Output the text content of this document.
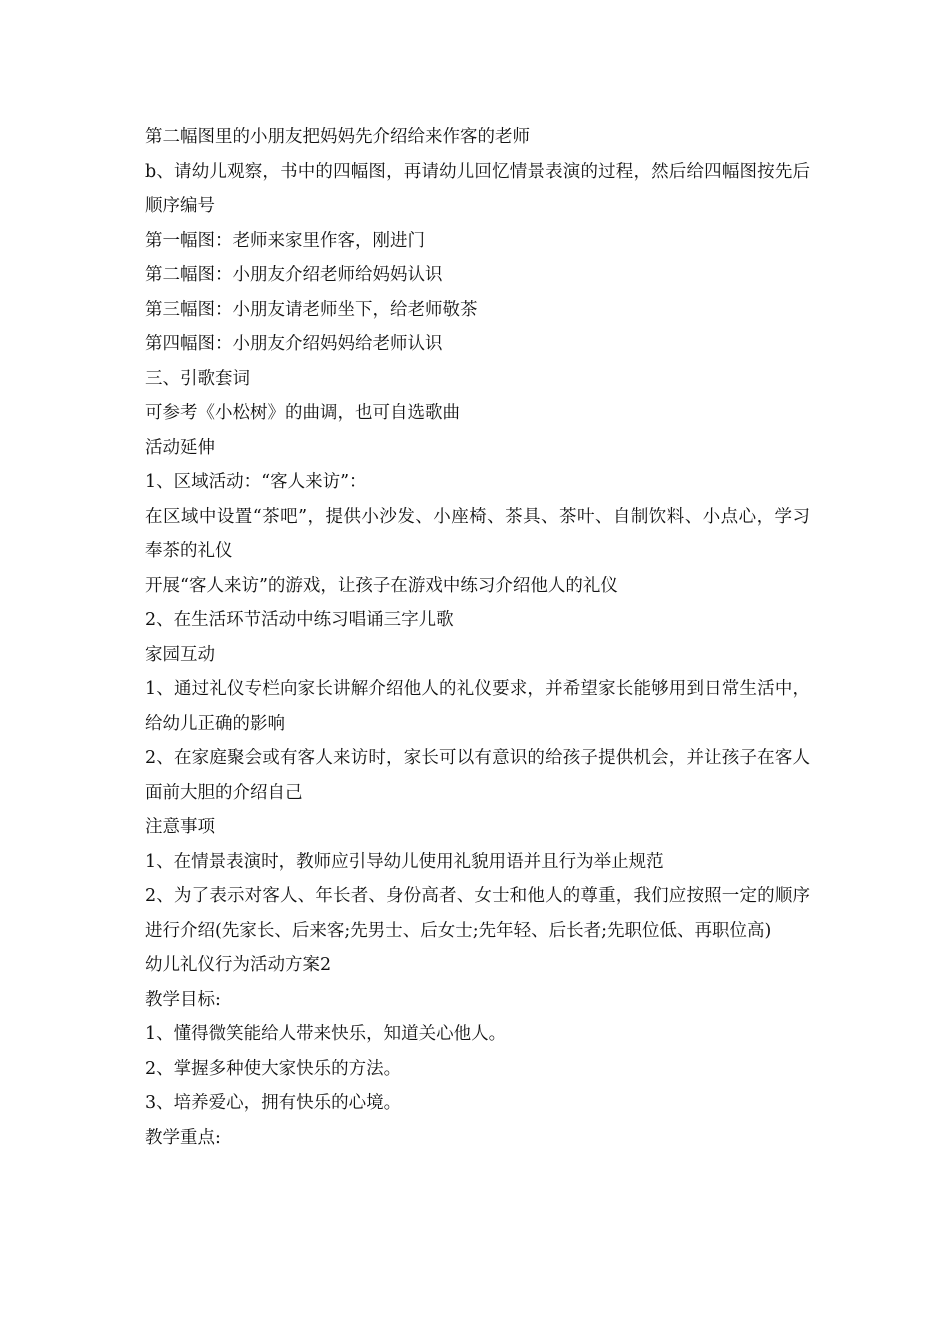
第二幅图里的小朋友把妈妈先介绍给来作客的老师

b、请幼儿观察，书中的四幅图，再请幼儿回忆情景表演的过程，然后给四幅图按先后顺序编号

第一幅图：老师来家里作客，刚进门

第二幅图：小朋友介绍老师给妈妈认识

第三幅图：小朋友请老师坐下，给老师敬茶

第四幅图：小朋友介绍妈妈给老师认识

三、引歌套词

可参考《小松树》的曲调，也可自选歌曲

活动延伸

1、区域活动：“客人来访”：

在区域中设置“茶吧”，提供小沙发、小座椅、茶具、茶叶、自制饮料、小点心，学习奉茶的礼仪

开展“客人来访”的游戏，让孩子在游戏中练习介绍他人的礼仪

2、在生活环节活动中练习唱诵三字儿歌

家园互动

1、通过礼仪专栏向家长讲解介绍他人的礼仪要求，并希望家长能够用到日常生活中，给幼儿正确的影响

2、在家庭聚会或有客人来访时，家长可以有意识的给孩子提供机会，并让孩子在客人面前大胆的介绍自己

注意事项

1、在情景表演时，教师应引导幼儿使用礼貌用语并且行为举止规范

2、为了表示对客人、年长者、身份高者、女士和他人的尊重，我们应按照一定的顺序进行介绍(先家长、后来客;先男士、后女士;先年轻、后长者;先职位低、再职位高)

幼儿礼仪行为活动方案2

教学目标:

1、懂得微笑能给人带来快乐，知道关心他人。

2、掌握多种使大家快乐的方法。

3、培养爱心，拥有快乐的心境。

教学重点:
